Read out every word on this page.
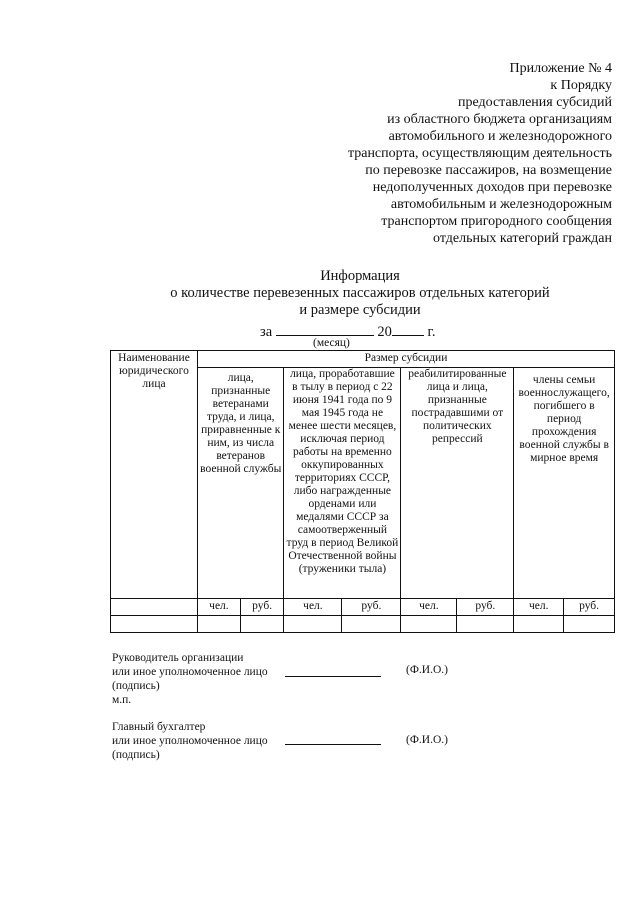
Приложение № 4
к Порядку
предоставления субсидий
из областного бюджета организациям
автомобильного и железнодорожного
транспорта, осуществляющим деятельность
по перевозке пассажиров, на возмещение
недополученных доходов при перевозке
автомобильным и железнодорожным
транспортом пригородного сообщения
отдельных категорий граждан
Информация
о количестве перевезенных пассажиров отдельных категорий
и размере субсидии
за	20 г.
(месяц)
Наименование юридического лица	Размер субсидии							
	лица, признанные ветеранами труда, и лица, приравненные к ним, из числа ветеранов военной службы		лица, проработавшие в тылу в период с 22 июня 1941 года по 9 мая 1945 года не менее шести месяцев, исключая период работы на временно оккупированных территориях СССР, либо награжденные орденами или медалями СССР за самоотверженный труд в период Великой Отечественной войны (труженики тыла)		реабилитированные лица и лица, признанные пострадавшими от политических репрессий		члены семьи военнослужащего, погибшего в период прохождения военной службы в мирное время	
	чел.	руб.	чел.	руб.	чел.	руб.	чел.	руб.

Руководитель организации
или иное уполномоченное лицо
(подпись)
м.п.
(Ф.И.О.)
Главный бухгалтер
или иное уполномоченное лицо
(подпись)
(Ф.И.О.)
